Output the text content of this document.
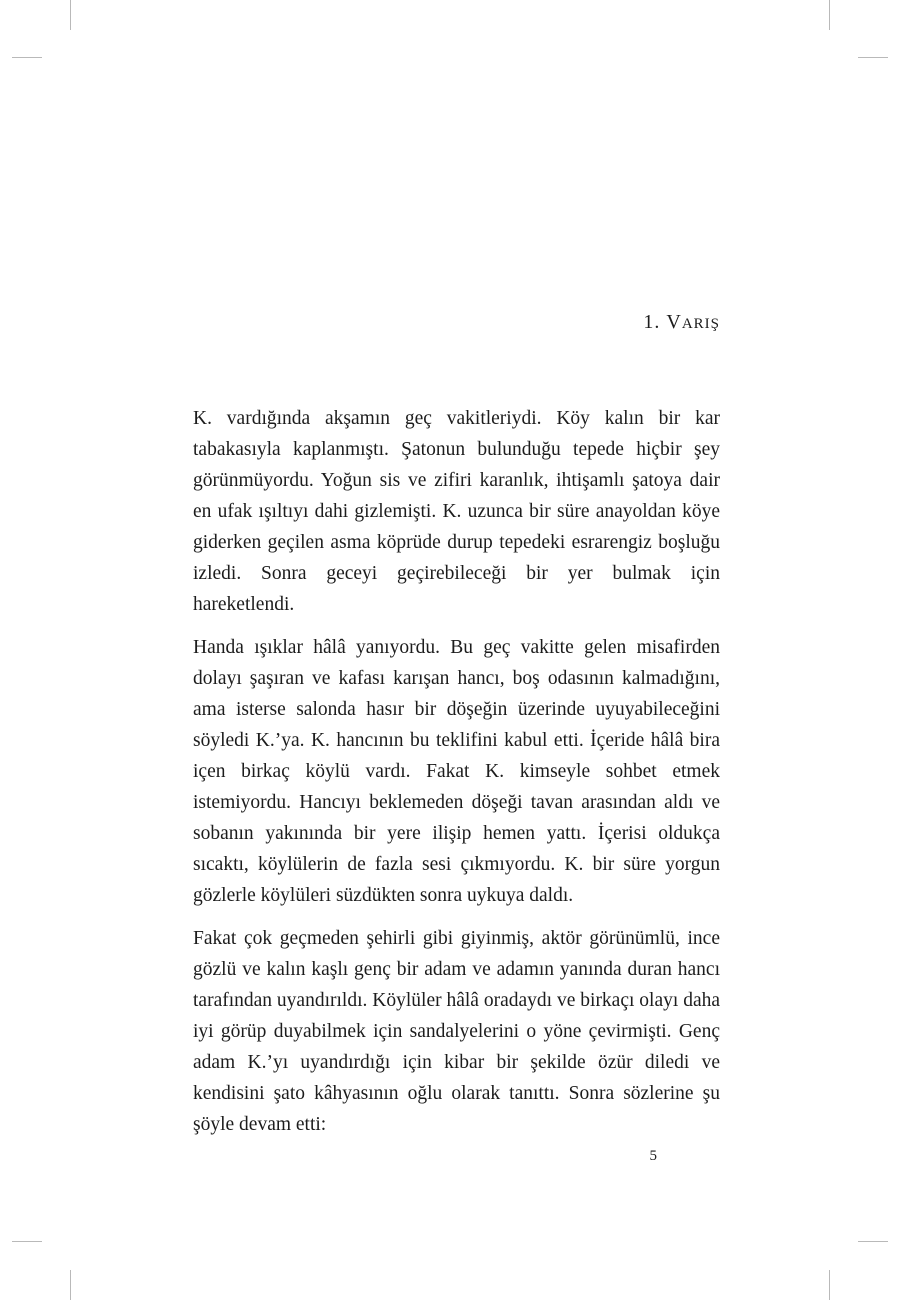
1. VARIŞ

K. vardığında akşamın geç vakitleriydi. Köy kalın bir kar tabakasıyla kaplanmıştı. Şatonun bulunduğu tepede hiçbir şey görünmüyordu. Yoğun sis ve zifiri karanlık, ihtişamlı şatoya dair en ufak ışıltıyı dahi gizlemişti. K. uzunca bir süre anayoldan köye giderken geçilen asma köprüde durup tepedeki esrarengiz boşluğu izledi. Sonra geceyi geçirebileceği bir yer bulmak için hareketlendi.

Handa ışıklar hâlâ yanıyordu. Bu geç vakitte gelen misafirden dolayı şaşıran ve kafası karışan hancı, boş odasının kalmadığını, ama isterse salonda hasır bir döşeğin üzerinde uyuyabileceğini söyledi K.’ya. K. hancının bu teklifini kabul etti. İçeride hâlâ bira içen birkaç köylü vardı. Fakat K. kimseyle sohbet etmek istemiyordu. Hancıyı beklemeden döşeği tavan arasından aldı ve sobanın yakınında bir yere ilişip hemen yattı. İçerisi oldukça sıcaktı, köylülerin de fazla sesi çıkmıyordu. K. bir süre yorgun gözlerle köylüleri süzdükten sonra uykuya daldı.

Fakat çok geçmeden şehirli gibi giyinmiş, aktör görünümlü, ince gözlü ve kalın kaşlı genç bir adam ve adamın yanında duran hancı tarafından uyandırıldı. Köylüler hâlâ oradaydı ve birkaçı olayı daha iyi görüp duyabilmek için sandalyelerini o yöne çevirmişti. Genç adam K.’yı uyandırdığı için kibar bir şekilde özür diledi ve kendisini şato kâhyasının oğlu olarak tanıttı. Sonra sözlerine şu şöyle devam etti:

5
